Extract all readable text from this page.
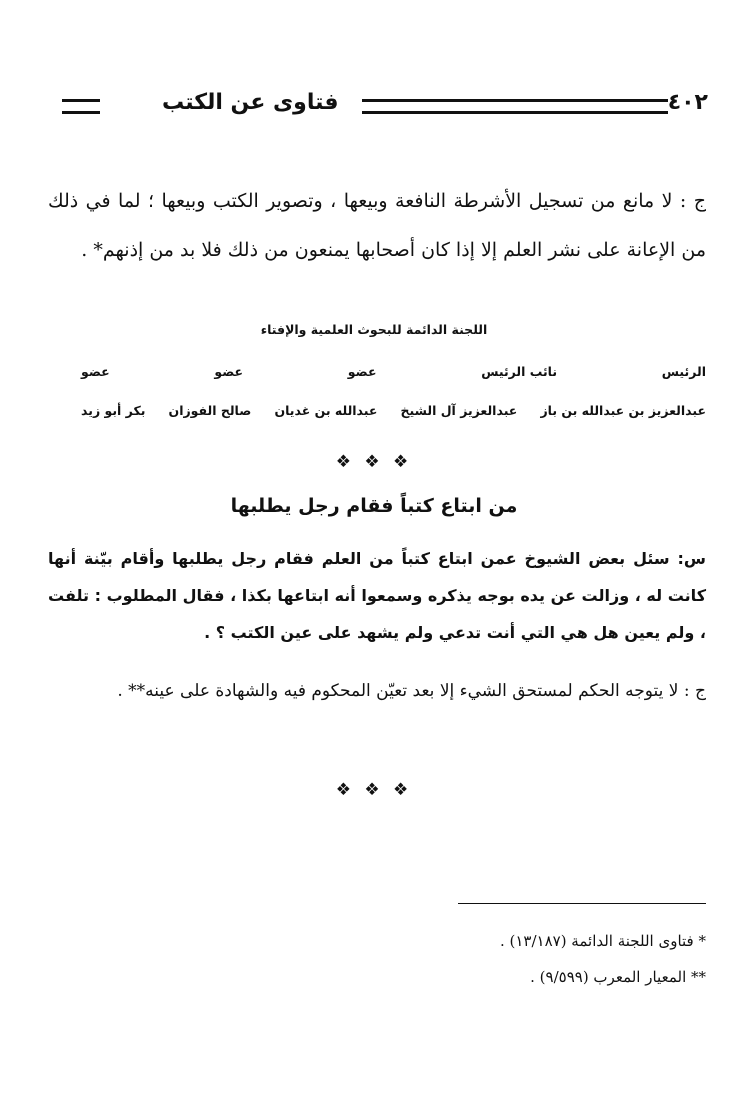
٤٠٢
فتاوى عن الكتب

ج : لا مانع من تسجيل الأشرطة النافعة وبيعها ، وتصوير الكتب وبيعها ؛ لما في ذلك من الإعانة على نشر العلم إلا إذا كان أصحابها يمنعون من ذلك فلا بد من إذنهم* .

اللجنة الدائمة للبحوث العلمية والإفتاء
الرئيس
نائب الرئيس
عضو
عضو
عضو
عبدالعزيز بن عبدالله بن باز
عبدالعزيز آل الشيخ
عبدالله بن غديان
صالح الفوزان
بكر أبو زيد
❖ ❖ ❖
من ابتاع كتباً فقام رجل يطلبها

س: سئل بعض الشيوخ عمن ابتاع كتباً من العلم فقام رجل يطلبها وأقام بيّنة أنها كانت له ، وزالت عن يده بوجه يذكره وسمعوا أنه ابتاعها بكذا ، فقال المطلوب : تلفت ، ولم يعين هل هي التي أنت تدعي ولم يشهد على عين الكتب ؟ .

ج : لا يتوجه الحكم لمستحق الشيء إلا بعد تعيّن المحكوم فيه والشهادة على عينه** .

❖ ❖ ❖
* فتاوى اللجنة الدائمة (١٣/١٨٧) .
** المعيار المعرب (٩/٥٩٩) .
